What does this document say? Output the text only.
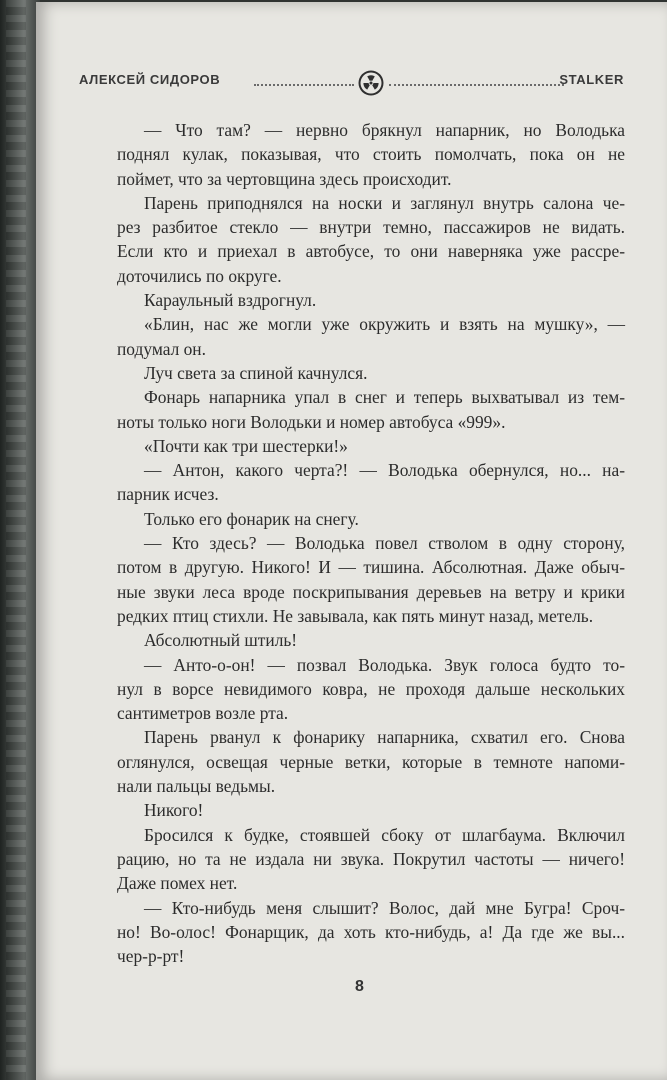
АЛЕКСЕЙ СИДОРОВ	STALKER
— Что там? — нервно брякнул напарник, но Володька
поднял кулак, показывая, что стоить помолчать, пока он не
поймет, что за чертовщина здесь происходит.
Парень приподнялся на носки и заглянул внутрь салона че-
рез разбитое стекло — внутри темно, пассажиров не видать.
Если кто и приехал в автобусе, то они наверняка уже рассре-
доточились по округе.
Караульный вздрогнул.
«Блин, нас же могли уже окружить и взять на мушку», —
подумал он.
Луч света за спиной качнулся.
Фонарь напарника упал в снег и теперь выхватывал из тем-
ноты только ноги Володьки и номер автобуса «999».
«Почти как три шестерки!»
— Антон, какого черта?! — Володька обернулся, но... на-
парник исчез.
Только его фонарик на снегу.
— Кто здесь? — Володька повел стволом в одну сторону,
потом в другую. Никого! И — тишина. Абсолютная. Даже обыч-
ные звуки леса вроде поскрипывания деревьев на ветру и крики
редких птиц стихли. Не завывала, как пять минут назад, метель.
Абсолютный штиль!
— Анто-о-он! — позвал Володька. Звук голоса будто то-
нул в ворсе невидимого ковра, не проходя дальше нескольких
сантиметров возле рта.
Парень рванул к фонарику напарника, схватил его. Снова
оглянулся, освещая черные ветки, которые в темноте напоми-
нали пальцы ведьмы.
Никого!
Бросился к будке, стоявшей сбоку от шлагбаума. Включил
рацию, но та не издала ни звука. Покрутил частоты — ничего!
Даже помех нет.
— Кто-нибудь меня слышит? Волос, дай мне Бугра! Сроч-
но! Во-олос! Фонарщик, да хоть кто-нибудь, а! Да где же вы...
чер-р-рт!
8
